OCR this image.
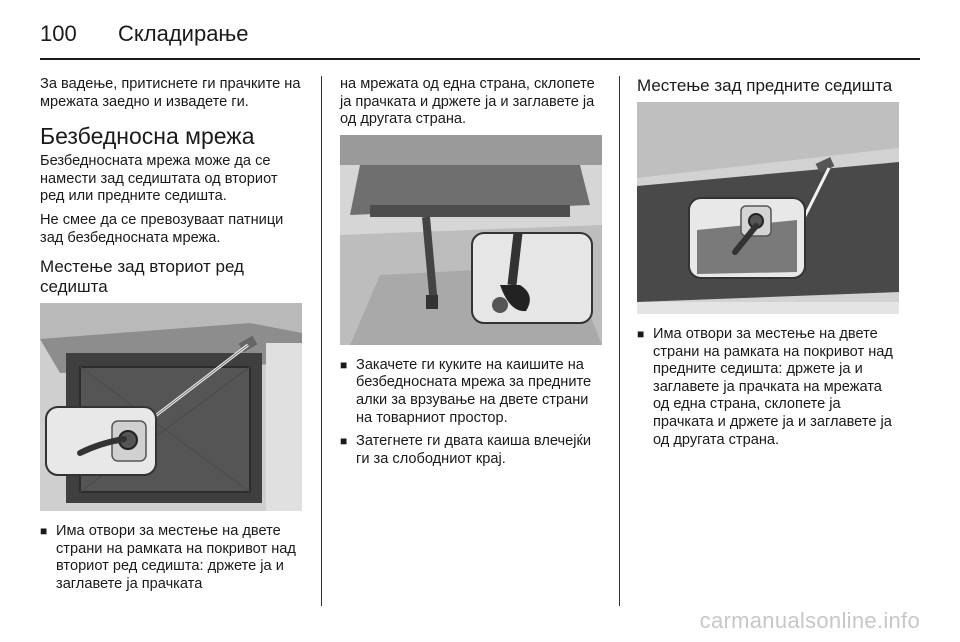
100	Складирање

За вадење, притиснете ги прачките на мрежата заедно и извадете ги.

Безбедносна мрежа

Безбедносната мрежа може да се намести зад седиштата од вториот ред или предните седишта.

Не смее да се превозуваат патници зад безбедносната мрежа.

Местење зад вториот ред седишта
■ Има отвори за местење на двете страни на рамката на покривот над вториот ред седишта: држете ја и заглавете ја прачката

на мрежата од една страна, склопете ја прачката и држете ја и заглавете ја од другата страна.

■ Закачете ги куките на каишите на безбедносната мрежа за предните алки за врзување на двете страни на товарниот простор.
■ Затегнете ги двата каиша влечејќи ги за слободниот крај.
Местење зад предните седишта
■ Има отвори за местење на двете страни на рамката на покривот над предните седишта: држете ја и заглавете ја прачката на мрежата од една страна, склопете ја прачката и држете ја и заглавете ја од другата страна.
carmanualsonline.info
